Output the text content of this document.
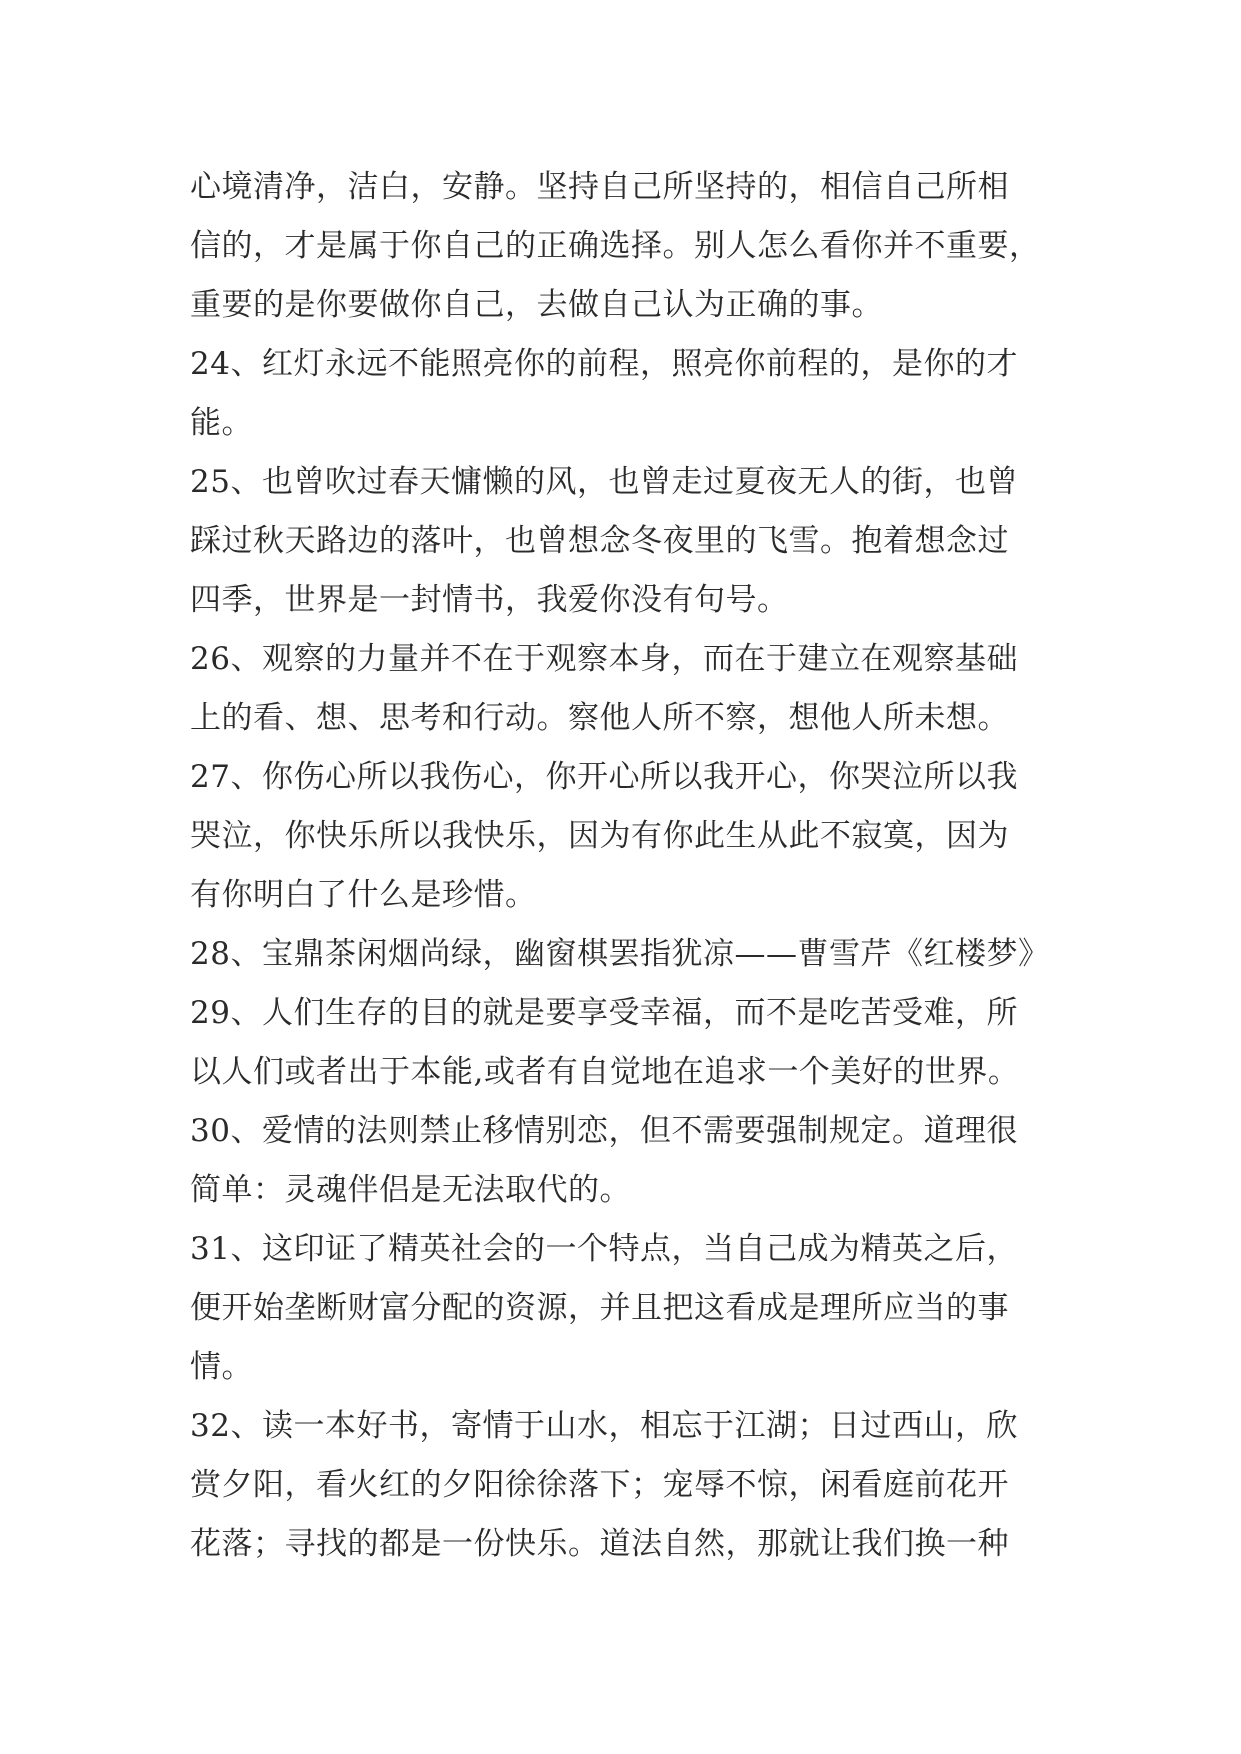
心境清净，洁白，安静。坚持自己所坚持的，相信自己所相
信的，才是属于你自己的正确选择。别人怎么看你并不重要，
重要的是你要做你自己，去做自己认为正确的事。
24、红灯永远不能照亮你的前程，照亮你前程的，是你的才
能。
25、也曾吹过春天慵懒的风，也曾走过夏夜无人的街，也曾
踩过秋天路边的落叶，也曾想念冬夜里的飞雪。抱着想念过
四季，世界是一封情书，我爱你没有句号。
26、观察的力量并不在于观察本身，而在于建立在观察基础
上的看、想、思考和行动。察他人所不察，想他人所未想。
27、你伤心所以我伤心，你开心所以我开心，你哭泣所以我
哭泣，你快乐所以我快乐，因为有你此生从此不寂寞，因为
有你明白了什么是珍惜。
28、宝鼎茶闲烟尚绿，幽窗棋罢指犹凉——曹雪芹《红楼梦》
29、人们生存的目的就是要享受幸福，而不是吃苦受难，所
以人们或者出于本能,或者有自觉地在追求一个美好的世界。
30、爱情的法则禁止移情别恋，但不需要强制规定。道理很
简单：灵魂伴侣是无法取代的。
31、这印证了精英社会的一个特点，当自己成为精英之后，
便开始垄断财富分配的资源，并且把这看成是理所应当的事
情。
32、读一本好书，寄情于山水，相忘于江湖；日过西山，欣
赏夕阳，看火红的夕阳徐徐落下；宠辱不惊，闲看庭前花开
花落；寻找的都是一份快乐。道法自然，那就让我们换一种
